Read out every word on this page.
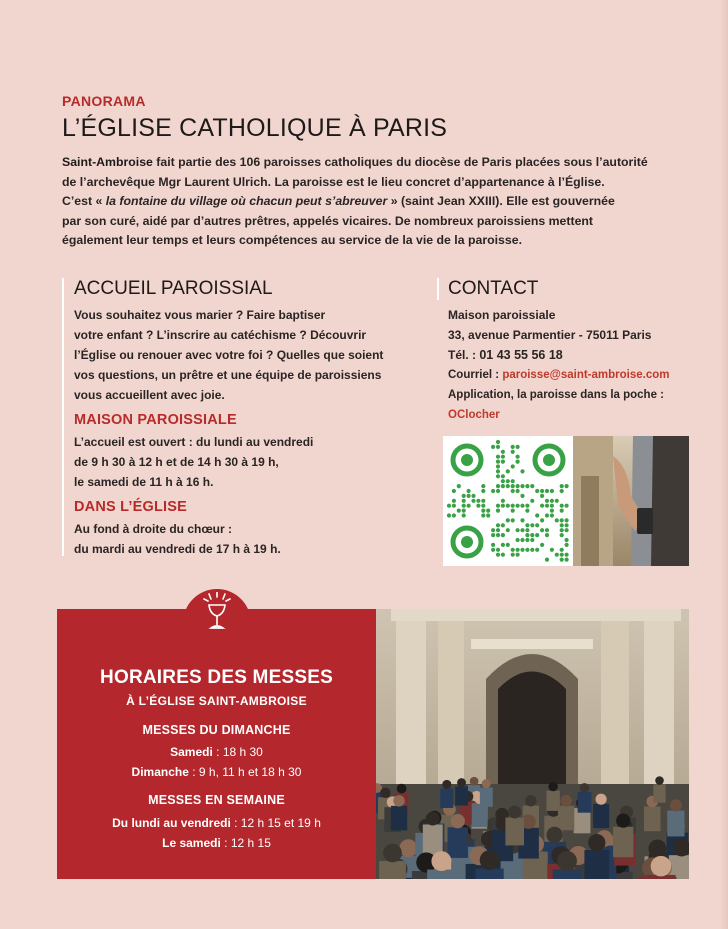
PANORAMA
L’ÉGLISE CATHOLIQUE À PARIS

Saint-Ambroise fait partie des 106 paroisses catholiques du diocèse de Paris placées sous l’autorité

de l’archevêque Mgr Laurent Ulrich. La paroisse est le lieu concret d’appartenance à l’Église.

C’est « la fontaine du village où chacun peut s’abreuver » (saint Jean XXIII). Elle est gouvernée

par son curé, aidé par d’autres prêtres, appelés vicaires. De nombreux paroissiens mettent

également leur temps et leurs compétences au service de la vie de la paroisse.

ACCUEIL PAROISSIAL

Vous souhaitez vous marier ? Faire baptiser

votre enfant ? L’inscrire au catéchisme ? Découvrir

l’Église ou renouer avec votre foi ? Quelles que soient

vos questions, un prêtre et une équipe de paroissiens

vous accueillent avec joie.

MAISON PAROISSIALE

L’accueil est ouvert : du lundi au vendredi

de 9 h 30 à 12 h et de 14 h 30 à 19 h,

le samedi de 11 h à 16 h.

DANS L’ÉGLISE

Au fond à droite du chœur :

du mardi au vendredi de 17 h à 19 h.

CONTACT

Maison paroissiale

33, avenue Parmentier - 75011 Paris

Tél. : 01 43 55 56 18

Courriel : paroisse@saint-ambroise.com

Application, la paroisse dans la poche :

OClocher

HORAIRES DES MESSES
À L’ÉGLISE SAINT-AMBROISE
MESSES DU DIMANCHE
Samedi : 18 h 30
Dimanche : 9 h, 11 h et 18 h 30
MESSES EN SEMAINE
Du lundi au vendredi : 12 h 15 et 19 h
Le samedi : 12 h 15
